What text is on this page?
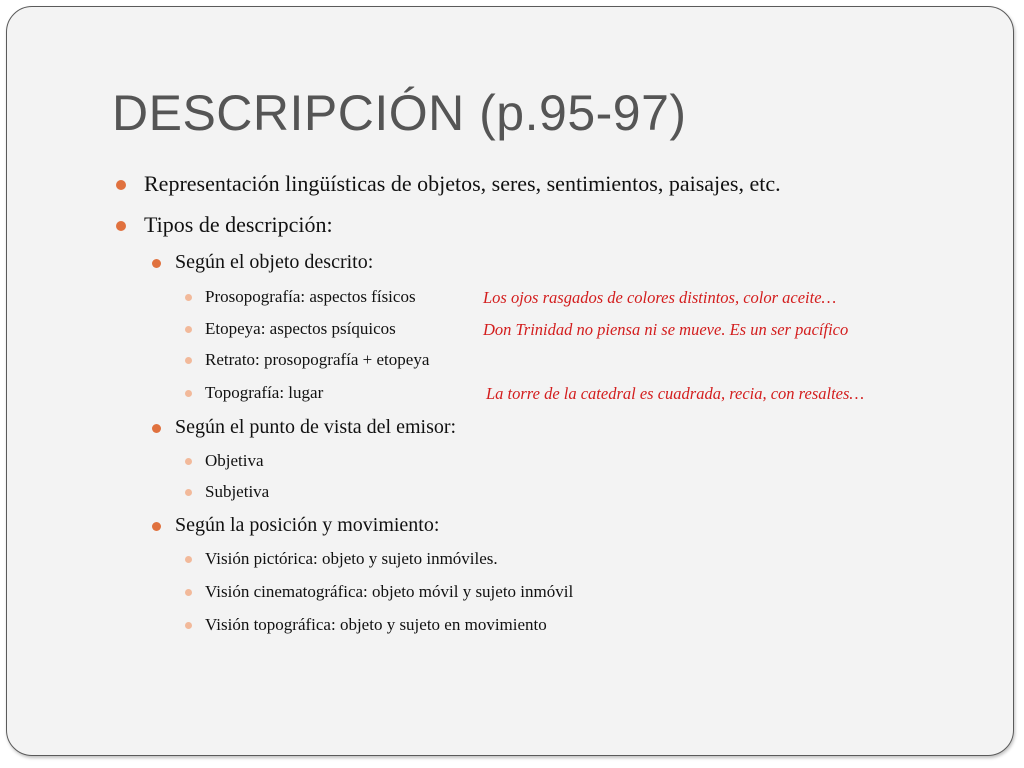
DESCRIPCIÓN (p.95-97)
Representación lingüísticas de objetos, seres, sentimientos, paisajes, etc.
Tipos de descripción:
Según el objeto descrito:
Prosopografía: aspectos físicos	Los ojos rasgados de colores distintos, color aceite…
Etopeya: aspectos psíquicos	Don Trinidad no piensa ni se mueve. Es un ser pacífico
Retrato: prosopografía + etopeya
Topografía: lugar	La torre de la catedral es cuadrada, recia, con resaltes…
Según el punto de vista del emisor:
Objetiva
Subjetiva
Según la posición y movimiento:
Visión pictórica: objeto y sujeto inmóviles.
Visión cinematográfica: objeto móvil y sujeto inmóvil
Visión topográfica: objeto y sujeto en movimiento
